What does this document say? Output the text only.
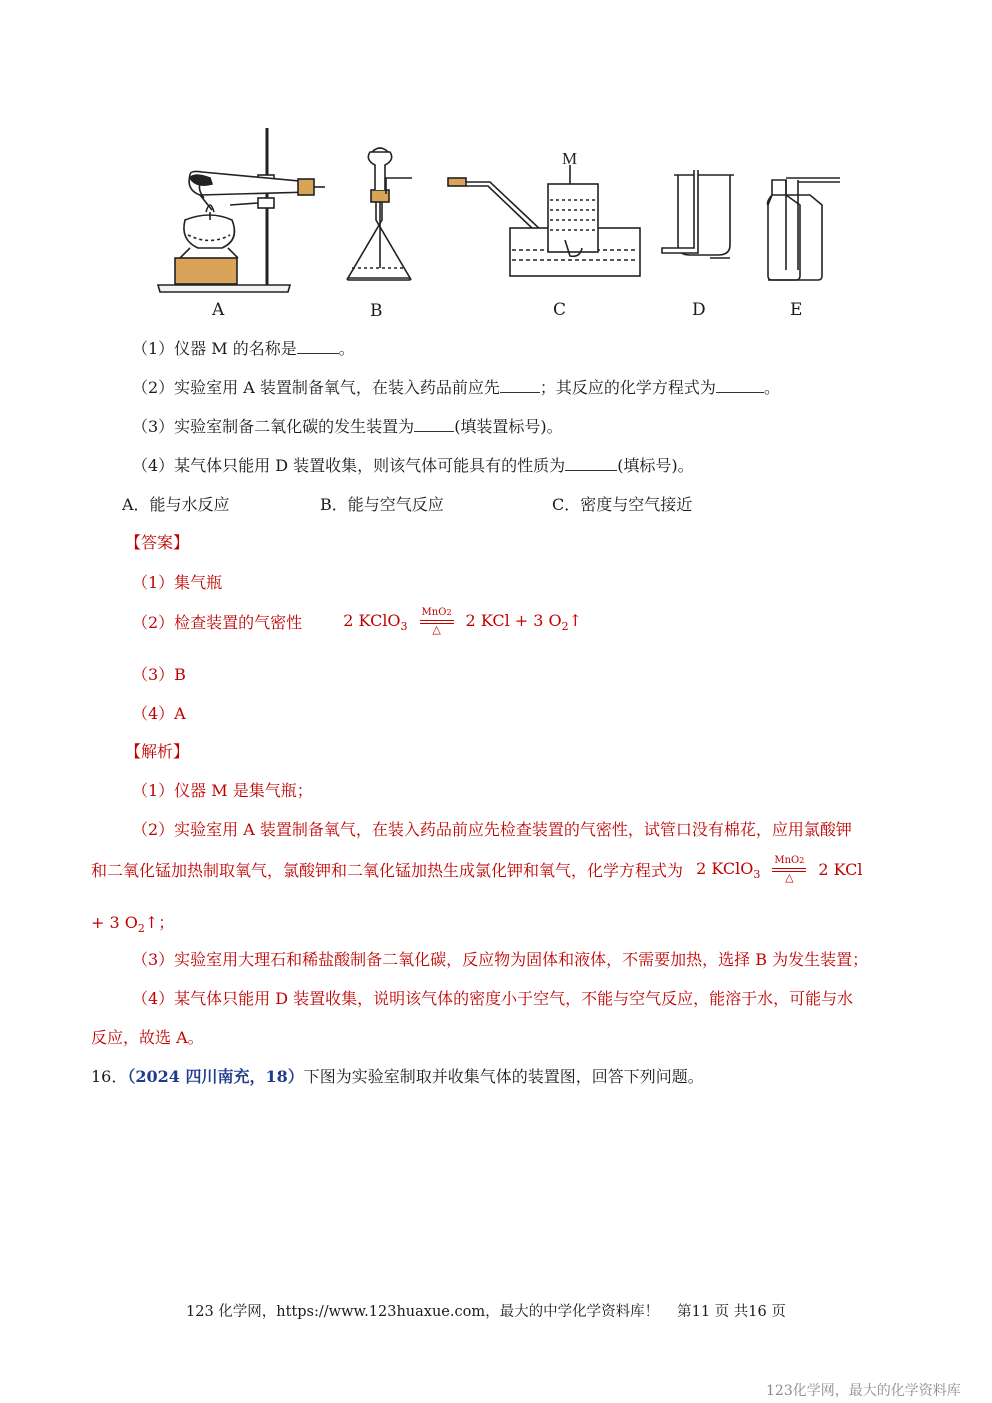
M
A	B	C	D	E
（1）仪器 M 的名称是	。
（2）实验室用 A 装置制备氧气，在装入药品前应先	；其反应的化学方程式为	。
（3）实验室制备二氧化碳的发生装置为	(填装置标号)。
（4）某气体只能用 D 装置收集，则该气体可能具有的性质为	(填标号)。
A．能与水反应	B．能与空气反应	C．密度与空气接近
【答案】
（1）集气瓶
（2）检查装置的气密性	2 KClO$_3$
MnO2
△ 2 KCl + 3 $O_2↑$
（3）B
（4）A
【解析】
（1）仪器 M 是集气瓶；
（2）实验室用 A 装置制备氧气，在装入药品前应先检查装置的气密性，试管口没有棉花，应用氯酸钾
和二氧化锰加热制取氧气，氯酸钾和二氧化锰加热生成氯化钾和氧气，化学方程式为 2 KClO$_3$
MnO2
△ 2 KCl
+ 3 $O_2↑$；
（3）实验室用大理石和稀盐酸制备二氧化碳，反应物为固体和液体，不需要加热，选择 B 为发生装置；
（4）某气体只能用 D 装置收集，说明该气体的密度小于空气，不能与空气反应，能溶于水，可能与水
反应，故选 A。
16．（2024 四川南充，18）下图为实验室制取并收集气体的装置图，回答下列问题。
123 化学网，https://www.123huaxue.com，最大的中学化学资料库！ 第11 页 共16 页
123化学网，最大的化学资料库
